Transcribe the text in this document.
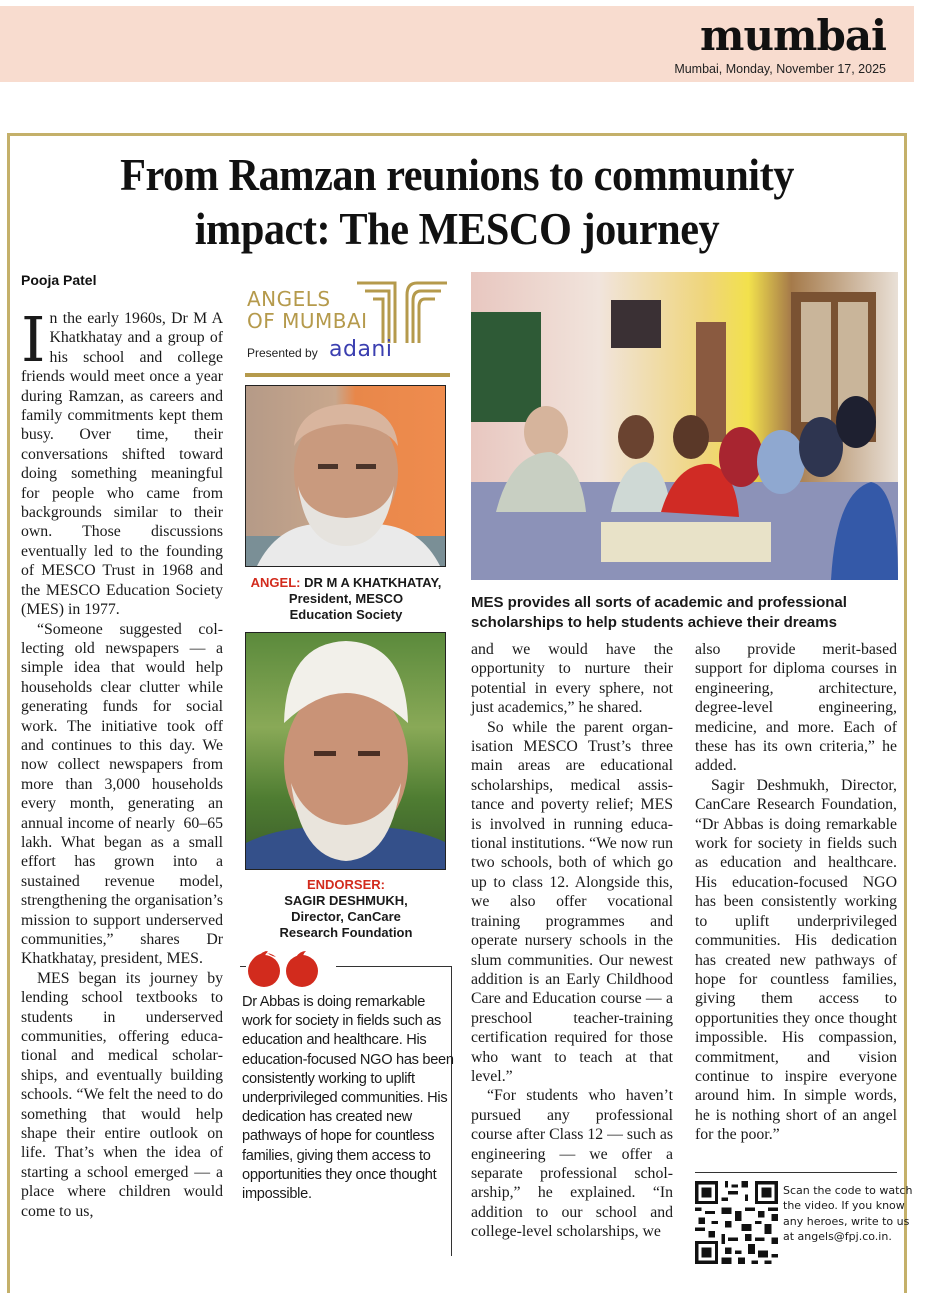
mumbai
Mumbai, Monday, November 17, 2025
From Ramzan reunions to community
impact: The MESCO journey
Pooja Patel

In the early 1960s, Dr M A Khatkhatay and a group of his school and college friends would meet once a year during Ramzan, as careers and family commitments kept them busy. Over time, their conversations shifted toward doing something meaningful for people who came from backgrounds similar to their own. Those discussions eventually led to the founding of MESCO Trust in 1968 and the MESCO Education Society (MES) in 1977.

“Someone suggested collecting old newspapers — a simple idea that would help households clear clutter while generating funds for social work. The initiative took off and continues to this day. We now collect newspapers from more than 3,000 households every month, generating an annual income of nearly  60–65 lakh. What began as a small effort has grown into a sustained revenue model, strengthening the organisation’s mission to support underserved communities,” shares Dr Khatkhatay, president, MES.

MES began its journey by lending school textbooks to students in underserved communities, offering educational and medical scholarships, and eventually building schools. “We felt the need to do something that would help shape their entire outlook on life. That’s when the idea of starting a school emerged — a place where children would come to us,

ANGELS
OF MUMBAI
Presented by adani
ANGEL: DR M A KHATKHATAY,
President, MESCO
Education Society
ENDORSER:
SAGIR DESHMUKH,
Director, CanCare
Research Foundation
Dr Abbas is doing remarkable work for society in fields such as education and healthcare. His education-focused NGO has been consistently working to uplift underprivileged communities. His dedication has created new pathways of hope for countless families, giving them access to opportunities they once thought impossible.
MES provides all sorts of academic and professional scholarships to help students achieve their dreams

and we would have the opportunity to nurture their potential in every sphere, not just academics,” he shared.

So while the parent organisation MESCO Trust’s three main areas are educational scholarships, medical assistance and poverty relief; MES is involved in running educational institutions. “We now run two schools, both of which go up to class 12. Alongside this, we also offer vocational training programmes and operate nursery schools in the slum communities. Our newest addition is an Early Childhood Care and Education course — a preschool teacher-training certification required for those who want to teach at that level.”

“For students who haven’t pursued any professional course after Class 12 — such as engineering — we offer a separate professional scholarship,” he explained. “In addition to our school and college-level scholarships, we

also provide merit-based support for diploma courses in engineering, architecture, degree-level engineering, medicine, and more. Each of these has its own criteria,” he added.

Sagir Deshmukh, Director, CanCare Research Foundation, “Dr Abbas is doing remarkable work for society in fields such as education and healthcare. His education-focused NGO has been consistently working to uplift underprivileged communities. His dedication has created new pathways of hope for countless families, giving them access to opportunities they once thought impossible. His compassion, commitment, and vision continue to inspire everyone around him. In simple words, he is nothing short of an angel for the poor.”

Scan the code to watch the video. If you know any heroes, write to us at angels@fpj.co.in.
